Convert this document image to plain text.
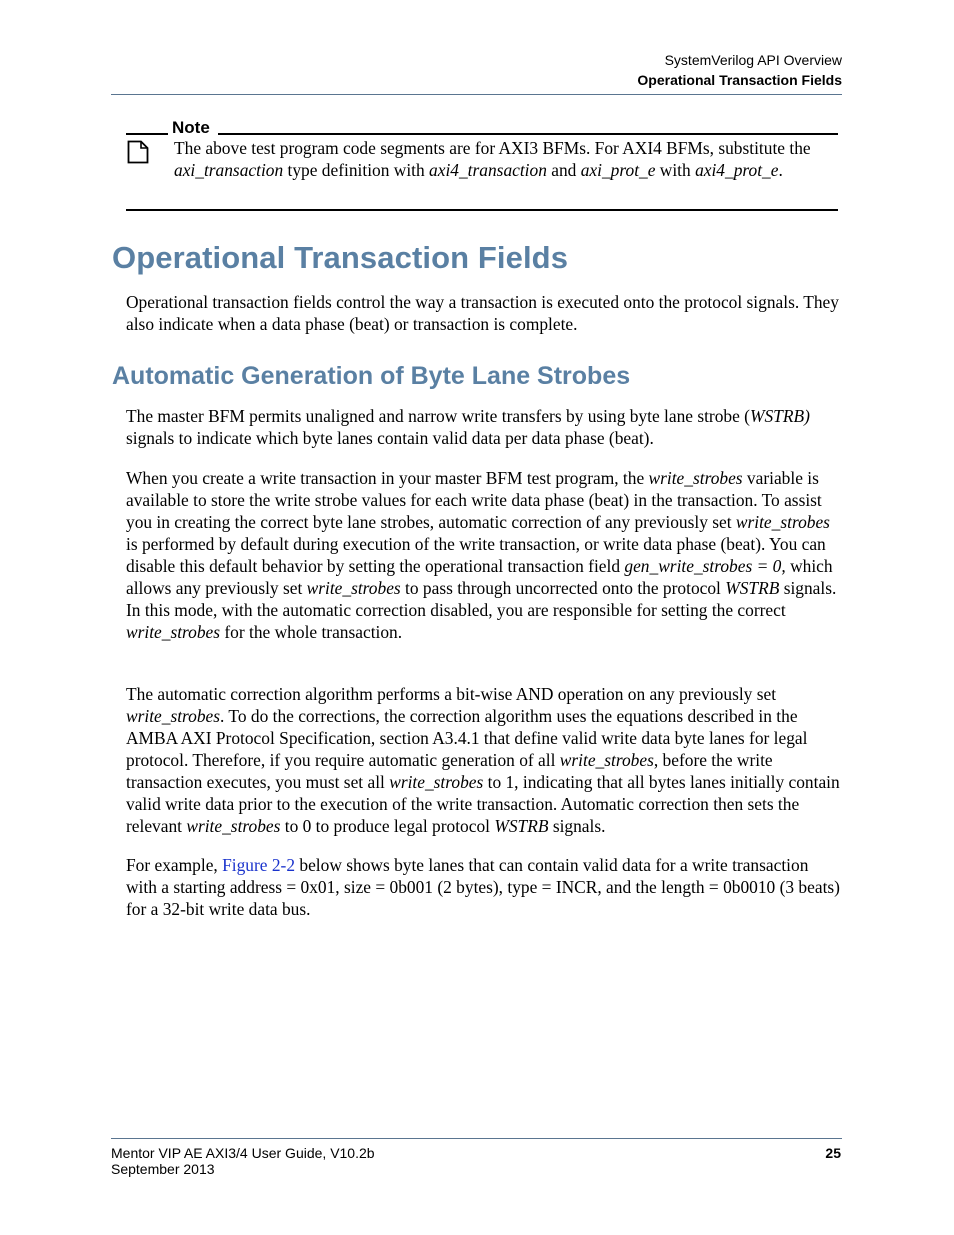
SystemVerilog API Overview
Operational Transaction Fields
Note
The above test program code segments are for AXI3 BFMs. For AXI4 BFMs, substitute the axi_transaction type definition with axi4_transaction and axi_prot_e with axi4_prot_e.
Operational Transaction Fields

Operational transaction fields control the way a transaction is executed onto the protocol signals. They also indicate when a data phase (beat) or transaction is complete.

Automatic Generation of Byte Lane Strobes

The master BFM permits unaligned and narrow write transfers by using byte lane strobe (WSTRB) signals to indicate which byte lanes contain valid data per data phase (beat).

When you create a write transaction in your master BFM test program, the write_strobes variable is available to store the write strobe values for each write data phase (beat) in the transaction. To assist you in creating the correct byte lane strobes, automatic correction of any previously set write_strobes is performed by default during execution of the write transaction, or write data phase (beat). You can disable this default behavior by setting the operational transaction field gen_write_strobes = 0, which allows any previously set write_strobes to pass through uncorrected onto the protocol WSTRB signals. In this mode, with the automatic correction disabled, you are responsible for setting the correct write_strobes for the whole transaction.

The automatic correction algorithm performs a bit-wise AND operation on any previously set write_strobes. To do the corrections, the correction algorithm uses the equations described in the AMBA AXI Protocol Specification, section A3.4.1 that define valid write data byte lanes for legal protocol. Therefore, if you require automatic generation of all write_strobes, before the write transaction executes, you must set all write_strobes to 1, indicating that all bytes lanes initially contain valid write data prior to the execution of the write transaction. Automatic correction then sets the relevant write_strobes to 0 to produce legal protocol WSTRB signals.

For example, Figure 2-2 below shows byte lanes that can contain valid data for a write transaction with a starting address = 0x01, size = 0b001 (2 bytes), type = INCR, and the length = 0b0010 (3 beats) for a 32-bit write data bus.

Mentor VIP AE AXI3/4 User Guide, V10.2b
September 2013
25
